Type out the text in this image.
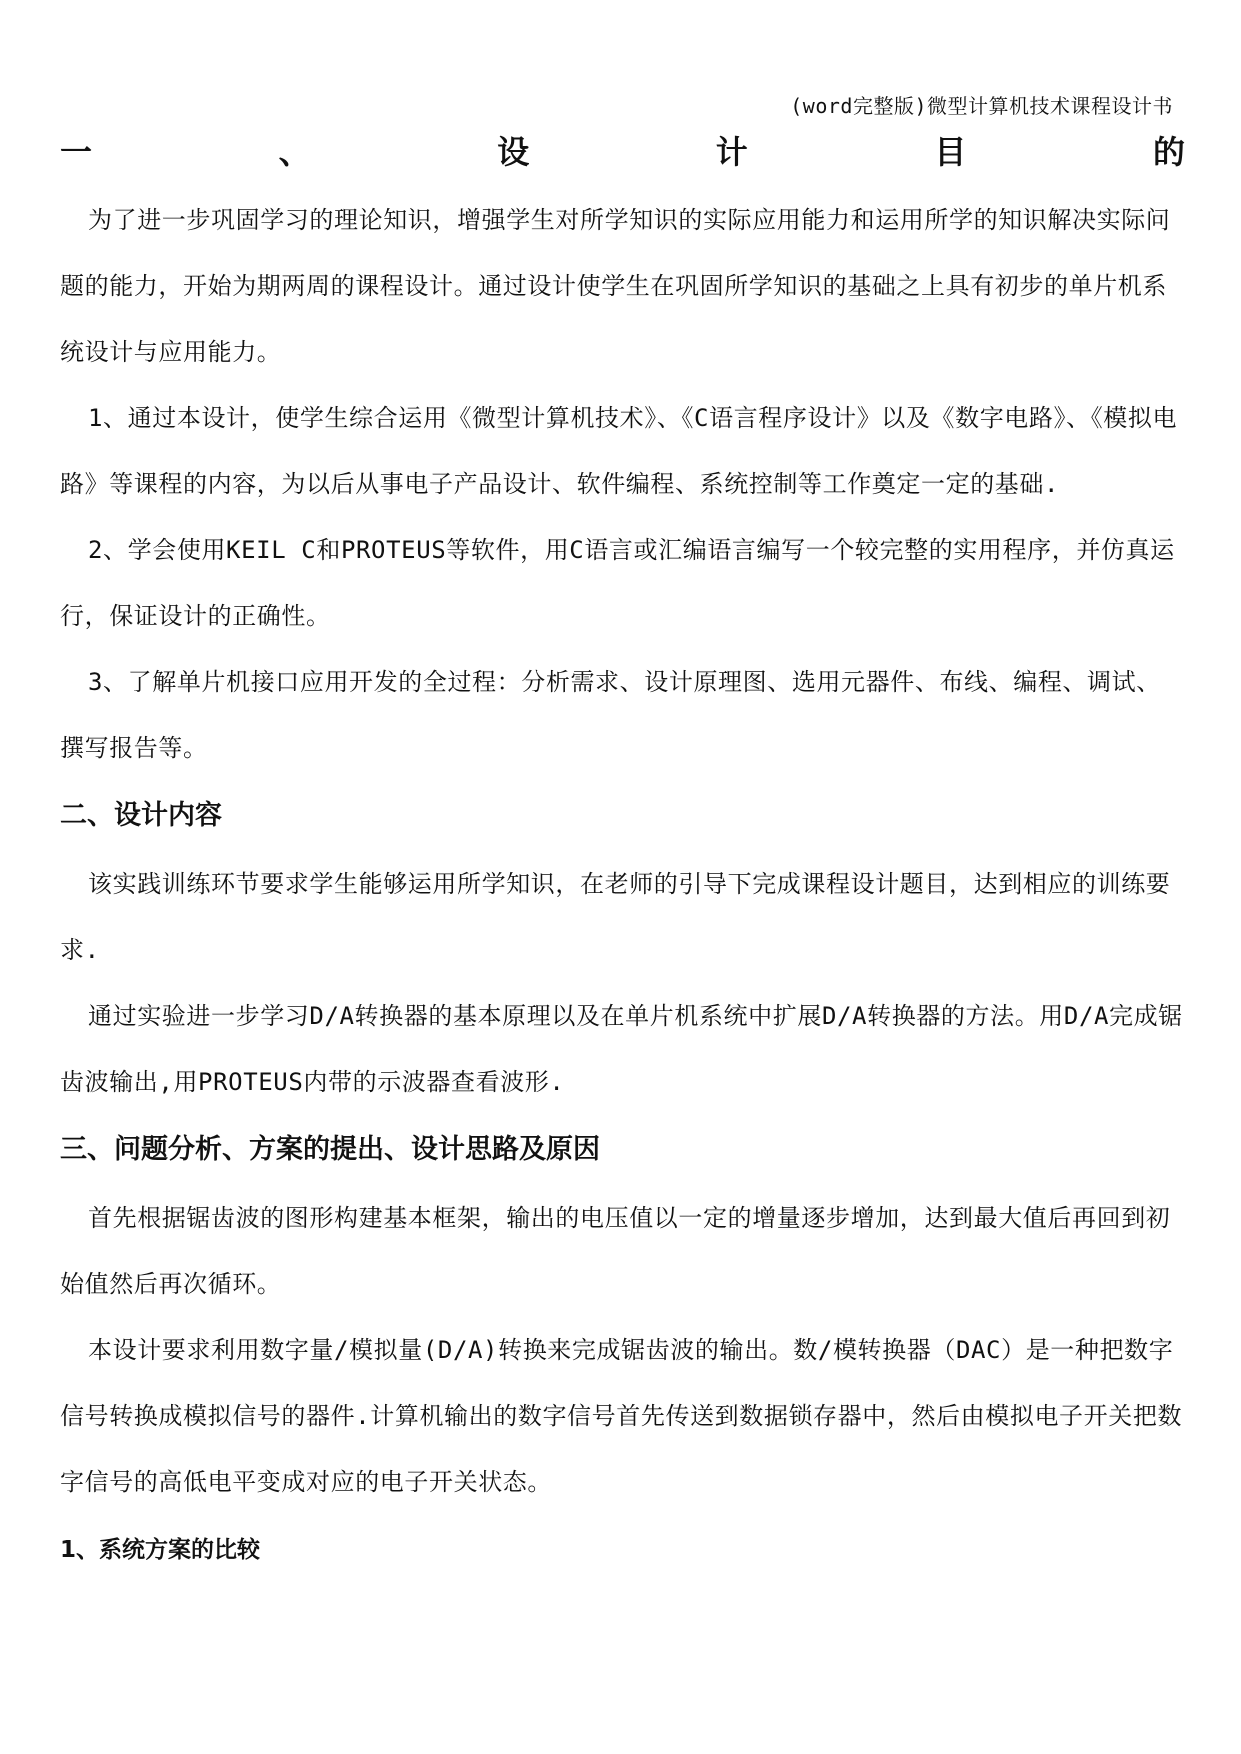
(word完整版)微型计算机技术课程设计书
一	、	设	计	目	的

为了进一步巩固学习的理论知识，增强学生对所学知识的实际应用能力和运用所学的知识解决实际问题的能力，开始为期两周的课程设计。通过设计使学生在巩固所学知识的基础之上具有初步的单片机系统设计与应用能力。

1、通过本设计，使学生综合运用《微型计算机技术》、《C语言程序设计》以及《数字电路》、《模拟电路》等课程的内容，为以后从事电子产品设计、软件编程、系统控制等工作奠定一定的基础.

2、学会使用KEIL C和PROTEUS等软件，用C语言或汇编语言编写一个较完整的实用程序，并仿真运行，保证设计的正确性。

3、了解单片机接口应用开发的全过程：分析需求、设计原理图、选用元器件、布线、编程、调试、撰写报告等。

二、设计内容

该实践训练环节要求学生能够运用所学知识，在老师的引导下完成课程设计题目，达到相应的训练要求.

通过实验进一步学习D/A转换器的基本原理以及在单片机系统中扩展D/A转换器的方法。用D/A完成锯齿波输出,用PROTEUS内带的示波器查看波形.

三、问题分析、方案的提出、设计思路及原因

首先根据锯齿波的图形构建基本框架，输出的电压值以一定的增量逐步增加，达到最大值后再回到初始值然后再次循环。

本设计要求利用数字量/模拟量(D/A)转换来完成锯齿波的输出。数/模转换器（DAC）是一种把数字信号转换成模拟信号的器件.计算机输出的数字信号首先传送到数据锁存器中，然后由模拟电子开关把数字信号的高低电平变成对应的电子开关状态。

1、系统方案的比较
